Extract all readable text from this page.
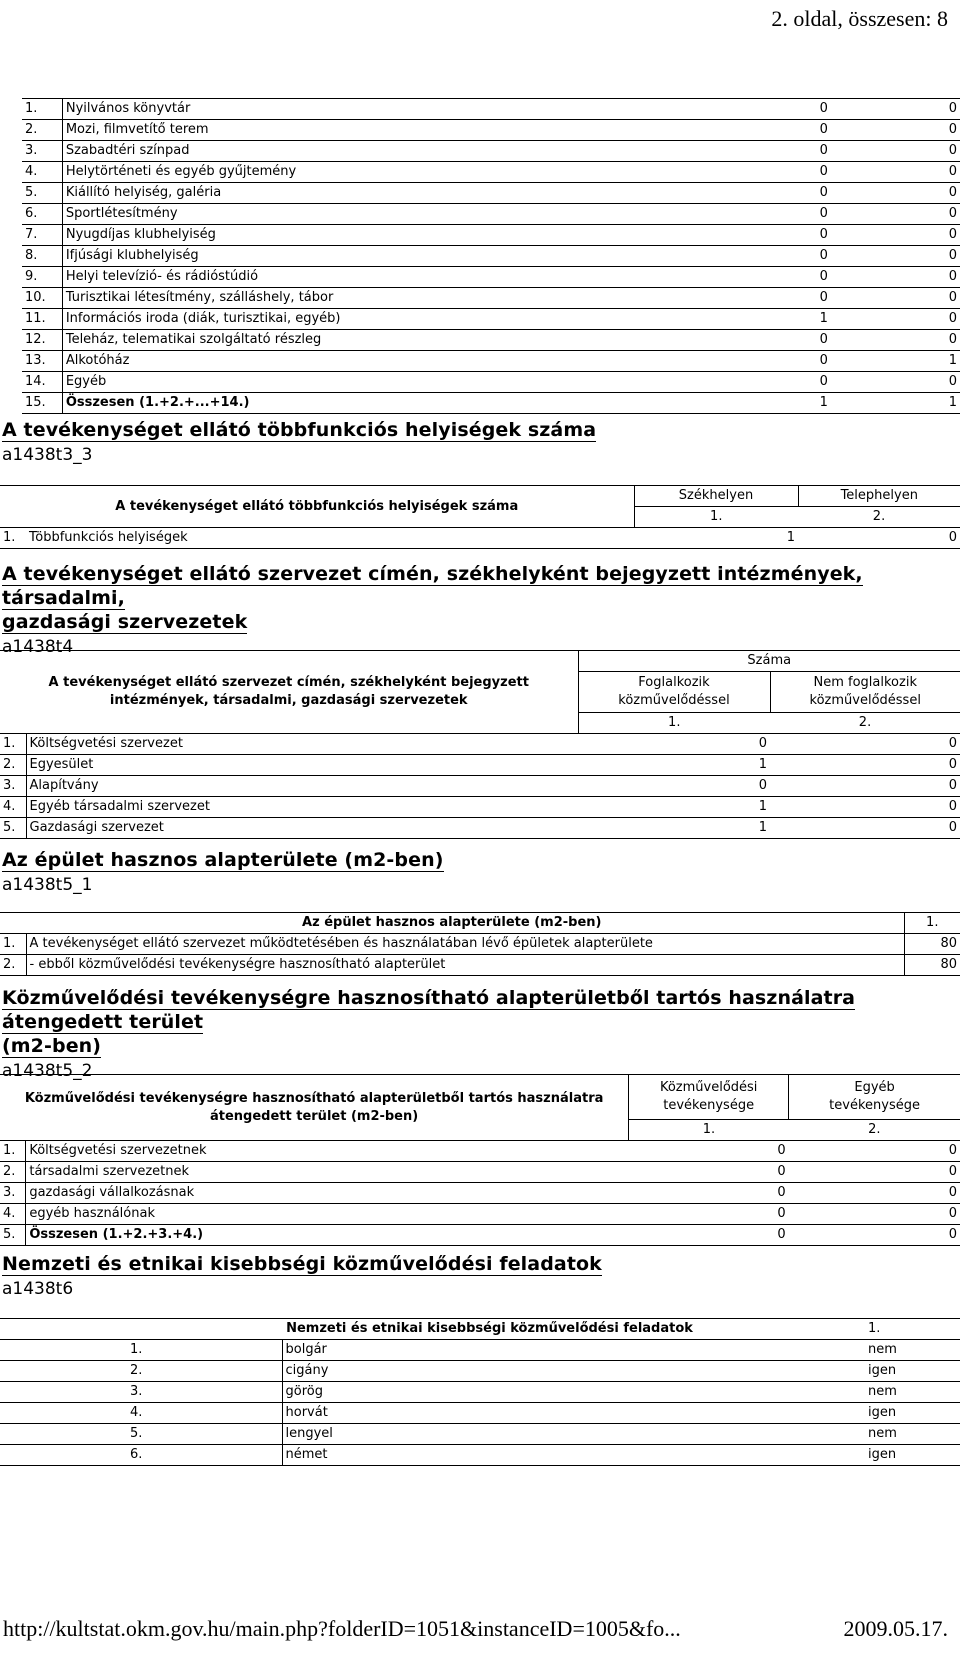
2. oldal, összesen: 8
1.	Nyilvános könyvtár	0	0
2.	Mozi, filmvetítő terem	0	0
3.	Szabadtéri színpad	0	0
4.	Helytörténeti és egyéb gyűjtemény	0	0
5.	Kiállító helyiség, galéria	0	0
6.	Sportlétesítmény	0	0
7.	Nyugdíjas klubhelyiség	0	0
8.	Ifjúsági klubhelyiség	0	0
9.	Helyi televízió- és rádióstúdió	0	0
10.	Turisztikai létesítmény, szálláshely, tábor	0	0
11.	Információs iroda (diák, turisztikai, egyéb)	1	0
12.	Teleház, telematikai szolgáltató részleg	0	0
13.	Alkotóház	0	1
14.	Egyéb	0	0
15.	Összesen (1.+2.+...+14.)	1	1
A tevékenységet ellátó többfunkciós helyiségek száma
a1438t3_3
A tevékenységet ellátó többfunkciós helyiségek száma		Székhelyen	Telephelyen
		1.	2.
1.	Többfunkciós helyiségek	1	0
A tevékenységet ellátó szervezet címén, székhelyként bejegyzett intézmények, társadalmi,
gazdasági szervezetek
a1438t4
A tevékenységet ellátó szervezet címén, székhelyként bejegyzett intézmények, társadalmi, gazdasági szervezetek		Száma	
		Foglalkozik közművelődéssel	Nem foglalkozik közművelődéssel
		1.	2.
1.	Költségvetési szervezet	0	0
2.	Egyesület	1	0
3.	Alapítvány	0	0
4.	Egyéb társadalmi szervezet	1	0
5.	Gazdasági szervezet	1	0
Az épület hasznos alapterülete (m2-ben)
a1438t5_1
Az épület hasznos alapterülete (m2-ben)		1.
1.	A tevékenységet ellátó szervezet működtetésében és használatában lévő épületek alapterülete	80
2.	- ebből közművelődési tevékenységre hasznosítható alapterület	80
Közművelődési tevékenységre hasznosítható alapterületből tartós használatra átengedett terület
(m2-ben)
a1438t5_2
Közművelődési tevékenységre hasznosítható alapterületből tartós használatra átengedett terület (m2-ben)		Közművelődési tevékenysége	Egyéb tevékenysége
		1.	2.
1.	Költségvetési szervezetnek	0	0
2.	társadalmi szervezetnek	0	0
3.	gazdasági vállalkozásnak	0	0
4.	egyéb használónak	0	0
5.	Összesen (1.+2.+3.+4.)	0	0
Nemzeti és etnikai kisebbségi közművelődési feladatok
a1438t6
Nemzeti és etnikai kisebbségi közművelődési feladatok		1.
1.	bolgár	nem
2.	cigány	igen
3.	görög	nem
4.	horvát	igen
5.	lengyel	nem
6.	német	igen
http://kultstat.okm.gov.hu/main.php?folderID=1051&instanceID=1005&fo...	2009.05.17.
